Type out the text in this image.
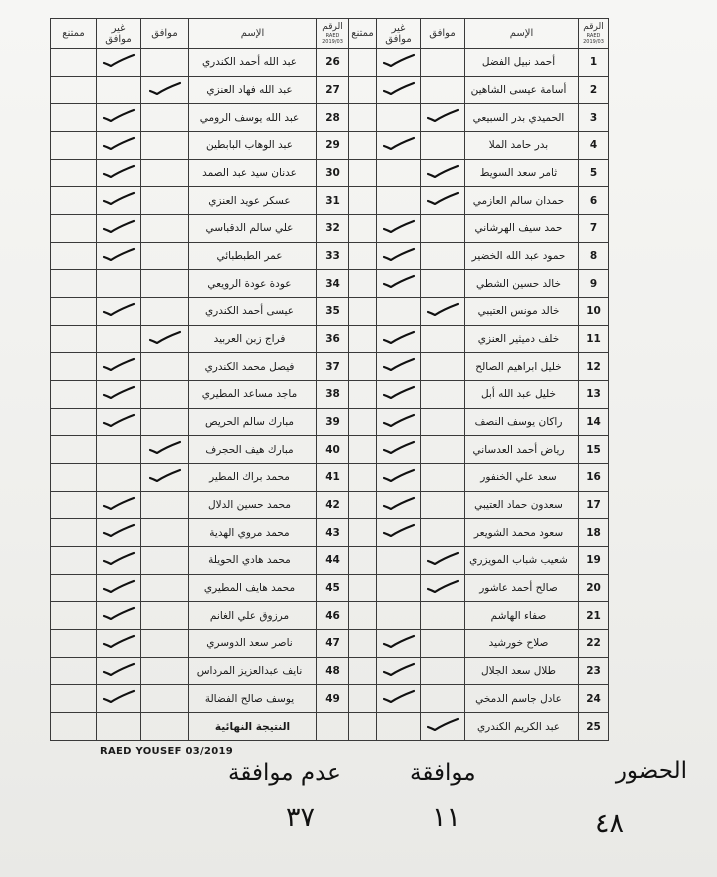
ممتنع	غير موافق	موافق	الإسم	الرقم
RAED 2019/03	ممتنع	غير موافق	موافق	الإسم	الرقم
RAED 2019/03	

			عبد الله أحمد الكندري	26				أحمد نبيل الفضل	1	
			عبد الله فهاد العنزي	27				أسامة عيسى الشاهين	2	
			عبد الله يوسف الرومي	28				الحميدي بدر السبيعي	3	
			عبد الوهاب البابطين	29				بدر حامد الملا	4	
			عدنان سيد عبد الصمد	30				ثامر سعد السويط	5	
			عسكر عويد العنزي	31				حمدان سالم العازمي	6	
			علي سالم الدقباسي	32				حمد سيف الهرشاني	7	
			عمر الطبطبائي	33				حمود عبد الله الخضير	8	
			عودة عودة الرويعي	34				خالد حسين الشطي	9	
			عيسى أحمد الكندري	35				خالد مونس العتيبي	10	
			فراج زبن العربيد	36				خلف دميثير العنزي	11	
			فيصل محمد الكندري	37				خليل ابراهيم الصالح	12	
			ماجد مساعد المطيري	38				خليل عبد الله أبل	13	
			مبارك سالم الحريص	39				راكان يوسف النصف	14	
			مبارك هيف الحجرف	40				رياض أحمد العدساني	15	
			محمد براك المطير	41				سعد علي الخنفور	16	
			محمد حسين الدلال	42				سعدون حماد العتيبي	17	
			محمد مروي الهدية	43				سعود محمد الشويعر	18	
			محمد هادي الحويلة	44				شعيب شباب المويزري	19	
			محمد هايف المطيري	45				صالح أحمد عاشور	20	
			مرزوق علي الغانم	46				صفاء الهاشم	21	
			ناصر سعد الدوسري	47				صلاح خورشيد	22	
			نايف عبدالعزيز المرداس	48				طلال سعد الجلال	23	
			يوسف صالح الفضالة	49				عادل جاسم الدمخي	24	
			النتيجة النهائية					عبد الكريم الكندري	25	
RAED YOUSEF 03/2019
الحضور
موافقة
عدم موافقة
٤٨
١١
٣٧
